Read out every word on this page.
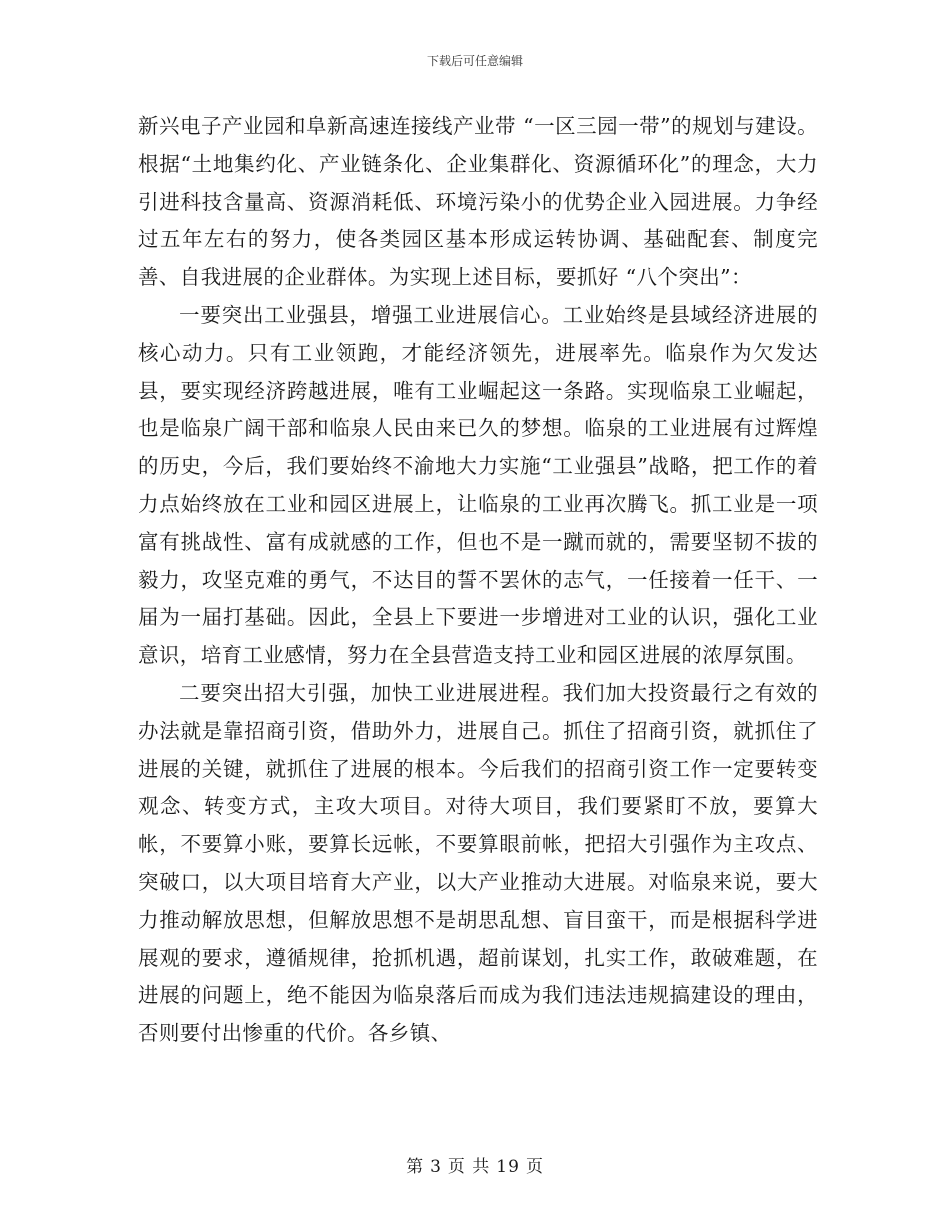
下载后可任意编辑

新兴电子产业园和阜新高速连接线产业带 “一区三园一带”的规划与建设。根据“土地集约化、产业链条化、企业集群化、资源循环化”的理念，大力引进科技含量高、资源消耗低、环境污染小的优势企业入园进展。力争经过五年左右的努力，使各类园区基本形成运转协调、基础配套、制度完善、自我进展的企业群体。为实现上述目标，要抓好 “八个突出”：

一要突出工业强县，增强工业进展信心。工业始终是县域经济进展的核心动力。只有工业领跑，才能经济领先，进展率先。临泉作为欠发达县，要实现经济跨越进展，唯有工业崛起这一条路。实现临泉工业崛起，也是临泉广阔干部和临泉人民由来已久的梦想。临泉的工业进展有过辉煌的历史，今后，我们要始终不渝地大力实施“工业强县”战略，把工作的着力点始终放在工业和园区进展上，让临泉的工业再次腾飞。抓工业是一项富有挑战性、富有成就感的工作，但也不是一蹴而就的，需要坚韧不拔的毅力，攻坚克难的勇气，不达目的誓不罢休的志气，一任接着一任干、一届为一届打基础。因此，全县上下要进一步增进对工业的认识，强化工业意识，培育工业感情，努力在全县营造支持工业和园区进展的浓厚氛围。

二要突出招大引强，加快工业进展进程。我们加大投资最行之有效的办法就是靠招商引资，借助外力，进展自己。抓住了招商引资，就抓住了进展的关键，就抓住了进展的根本。今后我们的招商引资工作一定要转变观念、转变方式，主攻大项目。对待大项目，我们要紧盯不放，要算大帐，不要算小账，要算长远帐，不要算眼前帐，把招大引强作为主攻点、突破口，以大项目培育大产业，以大产业推动大进展。对临泉来说，要大力推动解放思想，但解放思想不是胡思乱想、盲目蛮干，而是根据科学进展观的要求，遵循规律，抢抓机遇，超前谋划，扎实工作，敢破难题，在进展的问题上，绝不能因为临泉落后而成为我们违法违规搞建设的理由，否则要付出惨重的代价。各乡镇、

第 3 页 共 19 页
